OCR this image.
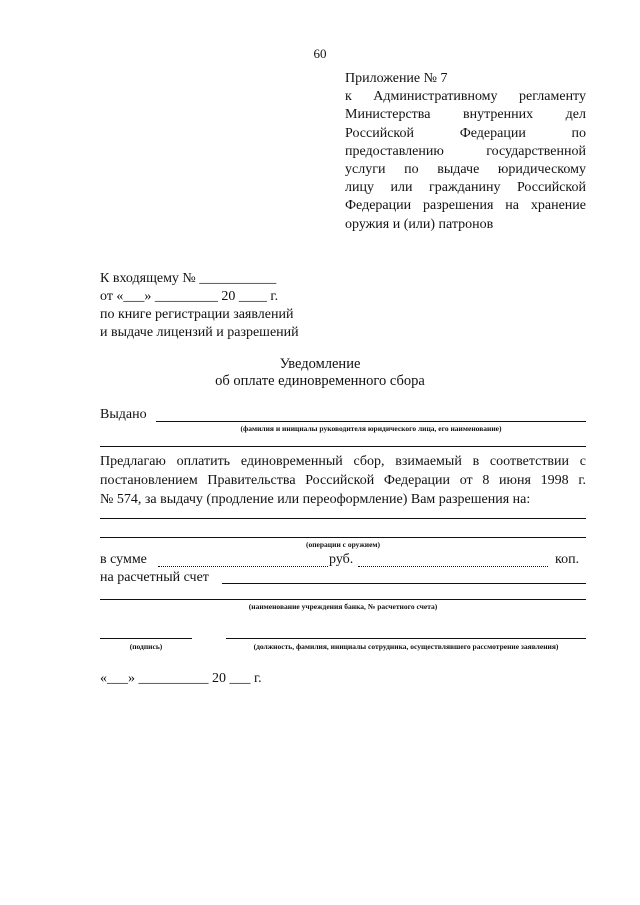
60
Приложение № 7
к Административному регламенту
Министерства внутренних дел
Российской Федерации по
предоставлению государственной
услуги по выдаче юридическому
лицу или гражданину Российской
Федерации разрешения на хранение
оружия и (или) патронов
К входящему № ___________
от «___» _________ 20 ____ г.
по книге регистрации заявлений
и выдаче лицензий и разрешений
Уведомление
об оплате единовременного сбора
Выдано
(фамилия и инициалы руководителя юридического лица, его наименование)
Предлагаю оплатить единовременный сбор, взимаемый в соответствии с
постановлением Правительства Российской Федерации от 8 июня 1998 г.
№ 574, за выдачу (продление или переоформление) Вам разрешения на:
(операции с оружием)
в сумме	руб.	коп.
на расчетный счет
(наименование учреждения банка, № расчетного счета)
(подпись)	(должность, фамилия, инициалы сотрудника, осуществлявшего рассмотрение заявления)
«___» __________ 20 ___ г.
